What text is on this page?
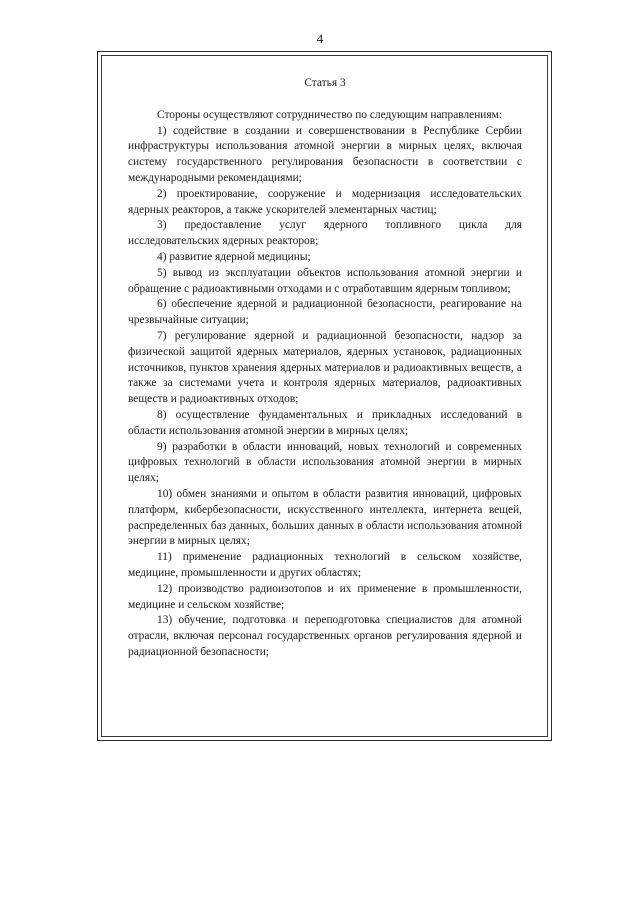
4
Статья 3

Стороны осуществляют сотрудничество по следующим направлениям:

1) содействие в создании и совершенствовании в Республике Сербии инфраструктуры использования атомной энергии в мирных целях, включая систему государственного регулирования безопасности в соответствии с международными рекомендациями;

2) проектирование, сооружение и модернизация исследовательских ядерных реакторов, а также ускорителей элементарных частиц;

3) предоставление услуг ядерного топливного цикла для исследовательских ядерных реакторов;

4) развитие ядерной медицины;

5) вывод из эксплуатации объектов использования атомной энергии и обращение с радиоактивными отходами и с отработавшим ядерным топливом;

6) обеспечение ядерной и радиационной безопасности, реагирование на чрезвычайные ситуации;

7) регулирование ядерной и радиационной безопасности, надзор за физической защитой ядерных материалов, ядерных установок, радиационных источников, пунктов хранения ядерных материалов и радиоактивных веществ, а также за системами учета и контроля ядерных материалов, радиоактивных веществ и радиоактивных отходов;

8) осуществление фундаментальных и прикладных исследований в области использования атомной энергии в мирных целях;

9) разработки в области инноваций, новых технологий и современных цифровых технологий в области использования атомной энергии в мирных целях;

10) обмен знаниями и опытом в области развития инноваций, цифровых платформ, кибербезопасности, искусственного интеллекта, интернета вещей, распределенных баз данных, больших данных в области использования атомной энергии в мирных целях;

11) применение радиационных технологий в сельском хозяйстве, медицине, промышленности и других областях;

12) производство радиоизотопов и их применение в промышленности, медицине и сельском хозяйстве;

13) обучение, подготовка и переподготовка специалистов для атомной отрасли, включая персонал государственных органов регулирования ядерной и радиационной безопасности;
